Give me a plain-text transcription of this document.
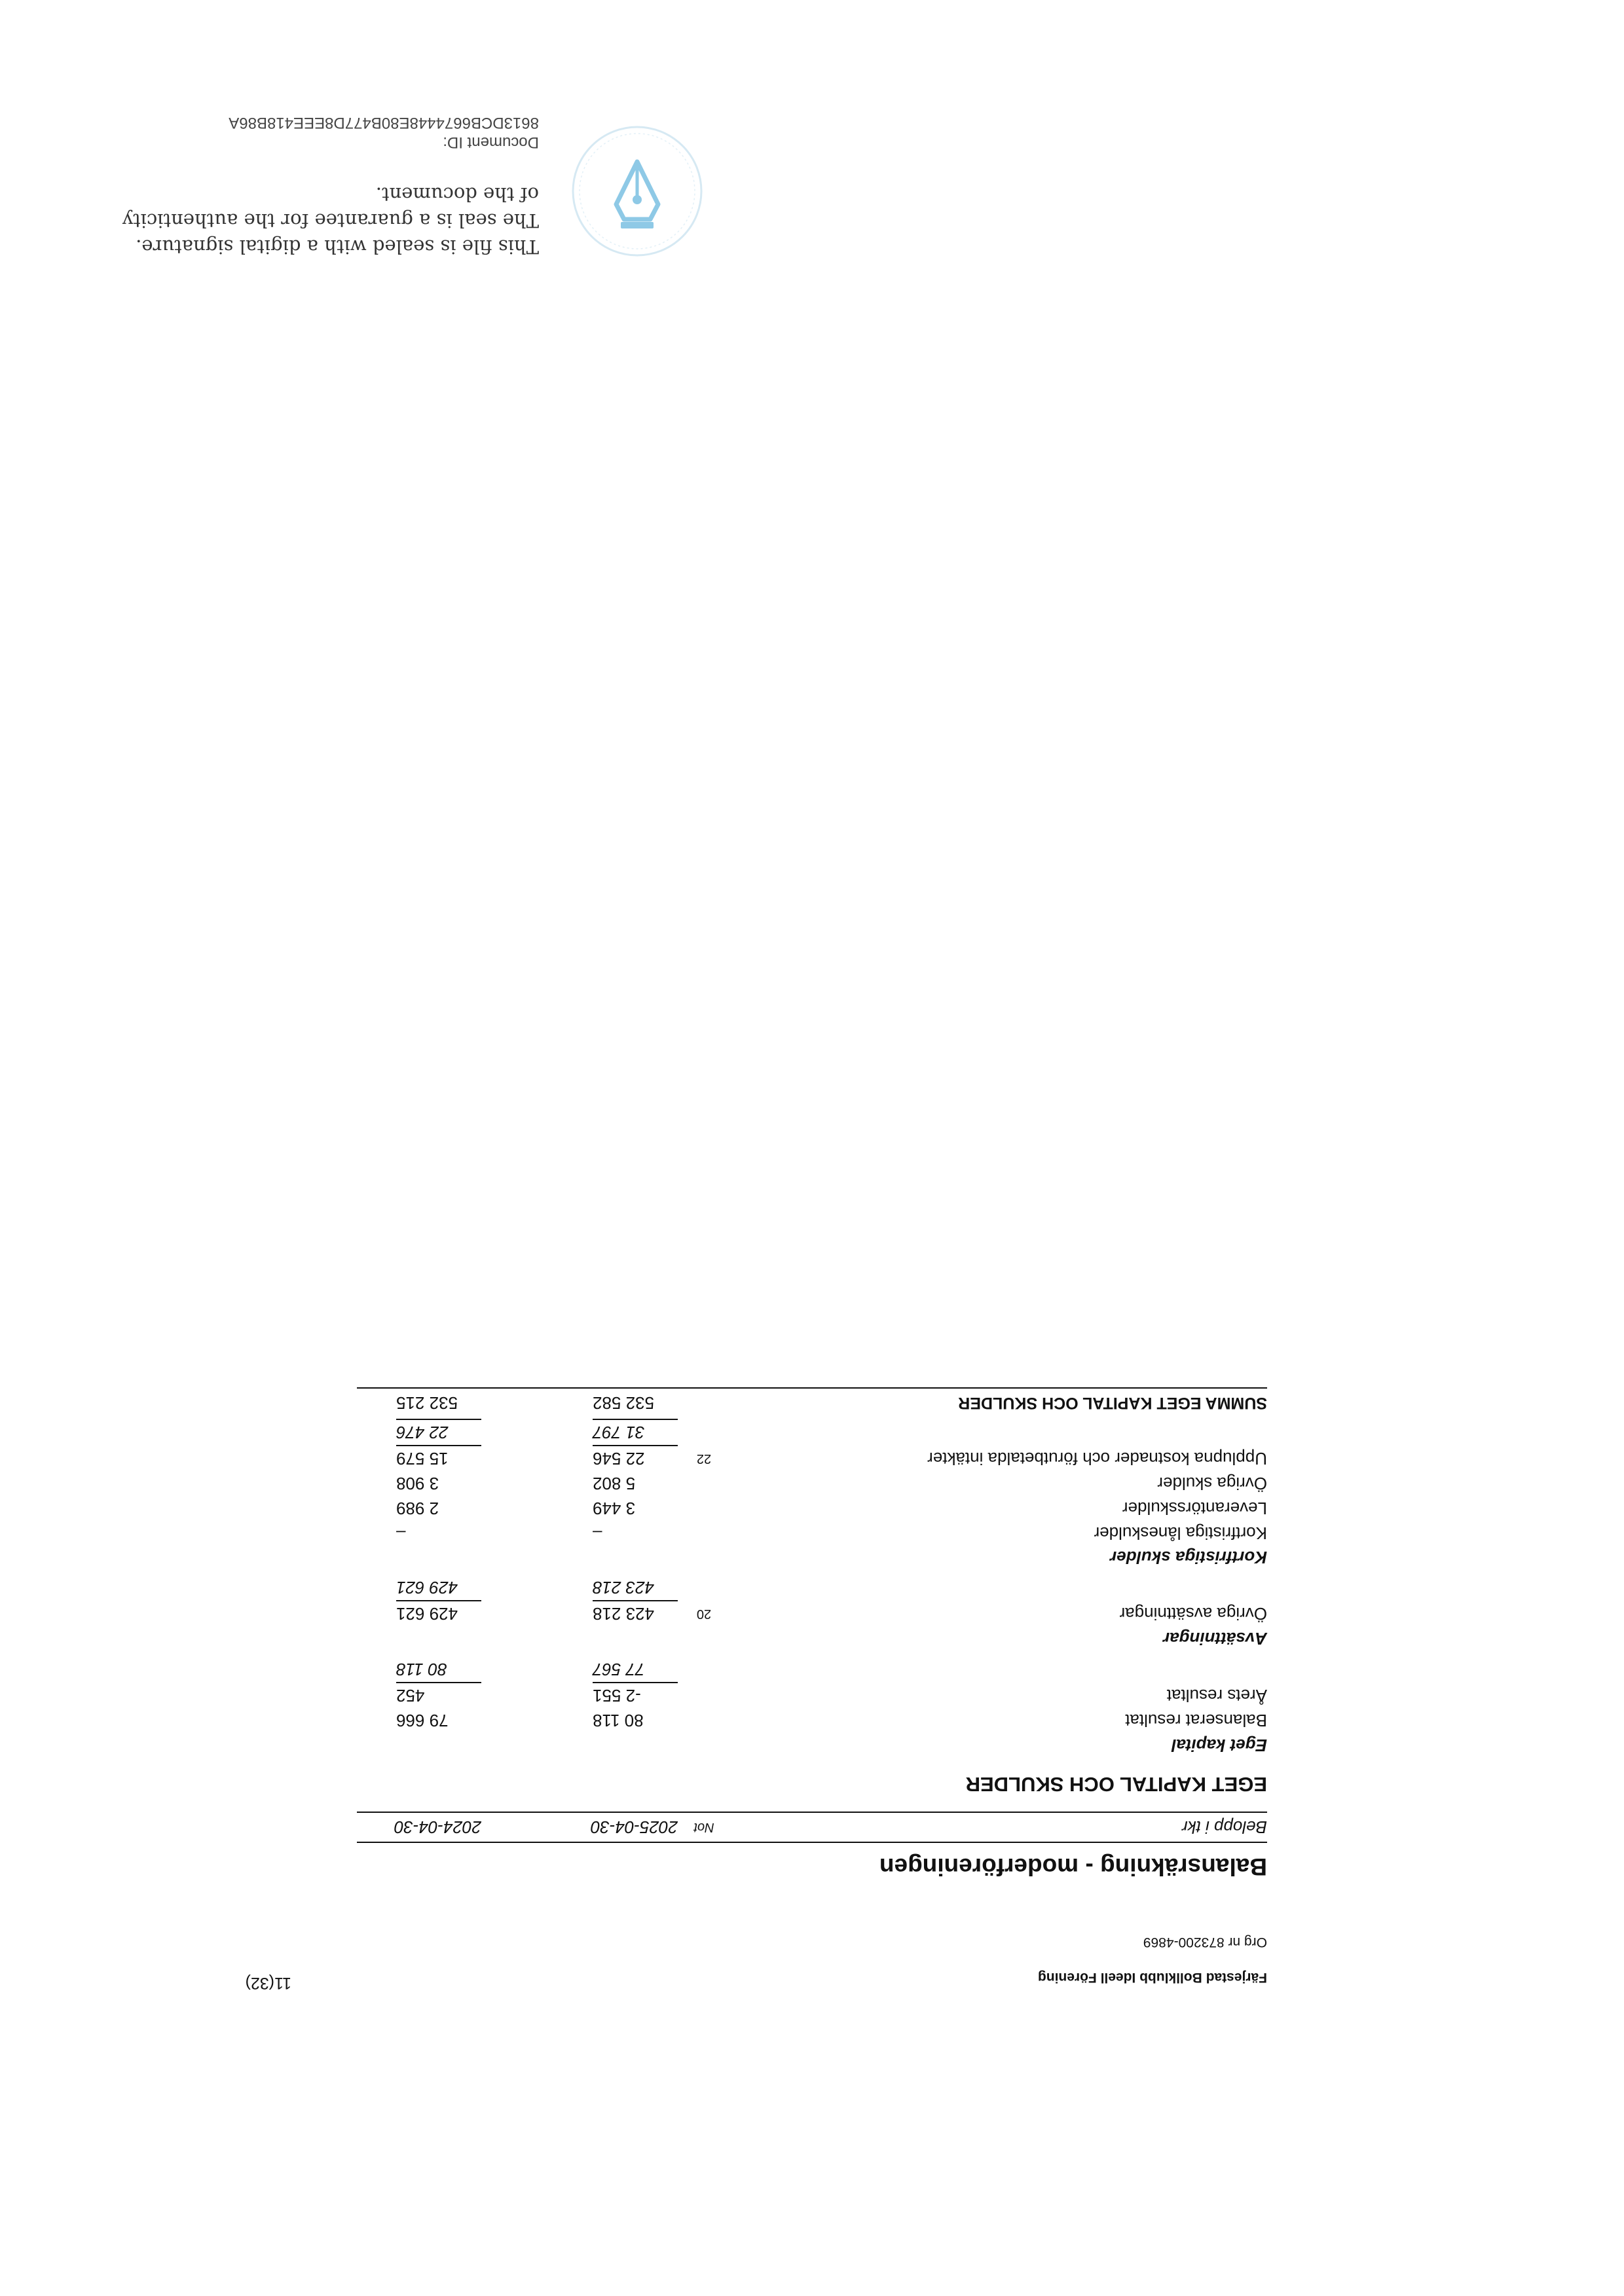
11(32)	Färjestad Bollklubb Ideell Förening
Org nr 873200-4869
Balansräkning - moderföreningen
Belopp i tkr
Not
2025-04-30
2024-04-30
EGET KAPITAL OCH SKULDER
Eget kapital
Balanserat resultat
80 118
79 666
Årets resultat
-2 551
452
77 567
80 118
Avsättningar
Övriga avsättningar
20
423 218
429 621
423 218
429 621
Kortfristiga skulder
Kortfristiga låneskulder
–
–
Leverantörsskulder
3 449
2 989
Övriga skulder
5 802
3 908
Upplupna kostnader och förutbetalda intäkter
22
22 546
15 579
31 797
22 476
SUMMA EGET KAPITAL OCH SKULDER
532 582
532 215
This file is sealed with a digital signature.
The seal is a guarantee for the authenticity
of the document.
Document ID:
8613DCB6674448E80B477D8EEE418B86A
